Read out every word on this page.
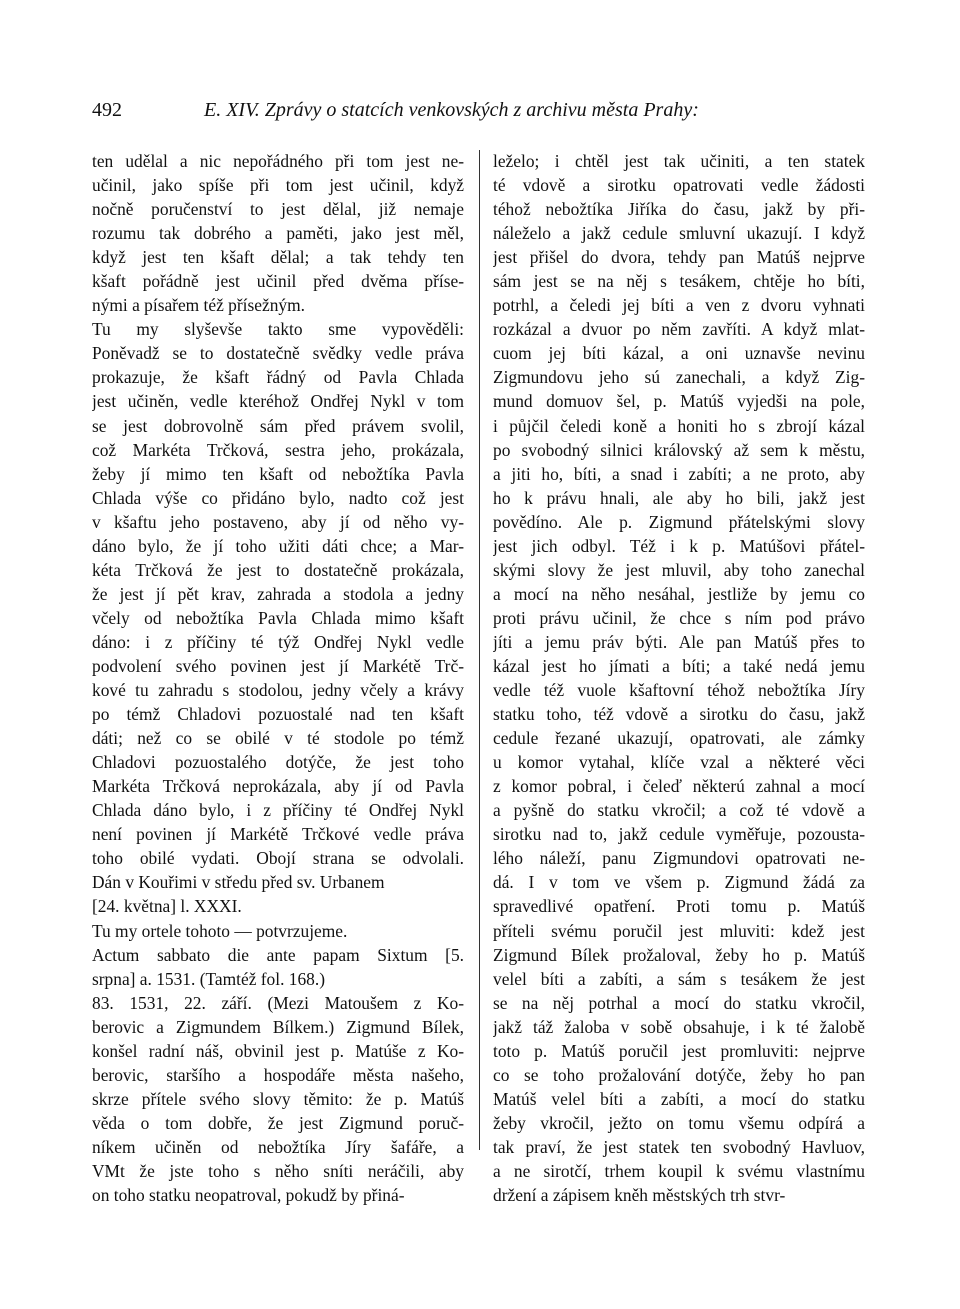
492	E. XIV. Zprávy o statcích venkovských z archivu města Prahy:
ten udělal a nic nepořádného při tom jest ne-
učinil, jako spíše při tom jest učinil, když
nočně poručenství to jest dělal, již nemaje
rozumu tak dobrého a paměti, jako jest měl,
když jest ten kšaft dělal; a tak tehdy ten
kšaft pořádně jest učinil před dvěma příse-
nými a písařem též přísežným.
Tu my slyševše takto sme vypověděli:
Poněvadž se to dostatečně svědky vedle práva
prokazuje, že kšaft řádný od Pavla Chlada
jest učiněn, vedle kteréhož Ondřej Nykl v tom
se jest dobrovolně sám před právem svolil,
což Markéta Trčková, sestra jeho, prokázala,
žeby jí mimo ten kšaft od nebožtíka Pavla
Chlada výše co přidáno bylo, nadto což jest
v kšaftu jeho postaveno, aby jí od něho vy-
dáno bylo, že jí toho užiti dáti chce; a Mar-
kéta Trčková že jest to dostatečně prokázala,
že jest jí pět krav, zahrada a stodola a jedny
včely od nebožtíka Pavla Chlada mimo kšaft
dáno: i z příčiny té týž Ondřej Nykl vedle
podvolení svého povinen jest jí Markétě Trč-
kové tu zahradu s stodolou, jedny včely a krávy
po témž Chladovi pozuostalé nad ten kšaft
dáti; než co se obilé v té stodole po témž
Chladovi pozuostalého dotýče, že jest toho
Markéta Trčková neprokázala, aby jí od Pavla
Chlada dáno bylo, i z příčiny té Ondřej Nykl
není povinen jí Markétě Trčkové vedle práva
toho obilé vydati. Obojí strana se odvolali.
Dán v Kouřimi v středu před sv. Urbanem
[24. května] l. XXXI.
Tu my ortele tohoto — potvrzujeme.
Actum sabbato die ante papam Sixtum [5.
srpna] a. 1531. (Tamtéž fol. 168.)
83. 1531, 22. září. (Mezi Matoušem z Ko-
berovic a Zigmundem Bílkem.) Zigmund Bílek,
konšel radní náš, obvinil jest p. Matúše z Ko-
berovic, staršího a hospodáře města našeho,
skrze přítele svého slovy těmito: že p. Matúš
věda o tom dobře, že jest Zigmund poruč-
níkem učiněn od nebožtíka Jíry šafáře, a
VMt že jste toho s něho sníti neráčili, aby
on toho statku neopatroval, pokudž by přiná-
leželo; i chtěl jest tak učiniti, a ten statek
té vdově a sirotku opatrovati vedle žádosti
téhož nebožtíka Jiříka do času, jakž by při-
náleželo a jakž cedule smluvní ukazují. I když
jest přišel do dvora, tehdy pan Matúš nejprve
sám jest se na něj s tesákem, chtěje ho bíti,
potrhl, a čeledi jej bíti a ven z dvoru vyhnati
rozkázal a dvuor po něm zavříti. A když mlat-
cuom jej bíti kázal, a oni uznavše nevinu
Zigmundovu jeho sú zanechali, a když Zig-
mund domuov šel, p. Matúš vyjedši na pole,
i půjčil čeledi koně a honiti ho s zbrojí kázal
po svobodný silnici královský až sem k městu,
a jiti ho, bíti, a snad i zabíti; a ne proto, aby
ho k právu hnali, ale aby ho bili, jakž jest
povědíno. Ale p. Zigmund přátelskými slovy
jest jich odbyl. Též i k p. Matúšovi přátel-
skými slovy že jest mluvil, aby toho zanechal
a mocí na něho nesáhal, jestliže by jemu co
proti právu učinil, že chce s ním pod právo
jíti a jemu práv býti. Ale pan Matúš přes to
kázal jest ho jímati a bíti; a také nedá jemu
vedle též vuole kšaftovní téhož nebožtíka Jíry
statku toho, též vdově a sirotku do času, jakž
cedule řezané ukazují, opatrovati, ale zámky
u komor vytahal, klíče vzal a některé věci
z komor pobral, i čeleď některú zahnal a mocí
a pyšně do statku vkročil; a což té vdově a
sirotku nad to, jakž cedule vyměřuje, pozousta-
lého náleží, panu Zigmundovi opatrovati ne-
dá. I v tom ve všem p. Zigmund žádá za
spravedlivé opatření. Proti tomu p. Matúš
příteli svému poručil jest mluviti: kdež jest
Zigmund Bílek prožaloval, žeby ho p. Matúš
velel bíti a zabíti, a sám s tesákem že jest
se na něj potrhal a mocí do statku vkročil,
jakž táž žaloba v sobě obsahuje, i k té žalobě
toto p. Matúš poručil jest promluviti: nejprve
co se toho prožalování dotýče, žeby ho pan
Matúš velel bíti a zabíti, a mocí do statku
žeby vkročil, ježto on tomu všemu odpírá a
tak praví, že jest statek ten svobodný Havluov,
a ne sirotčí, trhem koupil k svému vlastnímu
držení a zápisem kněh městských trh stvr-
